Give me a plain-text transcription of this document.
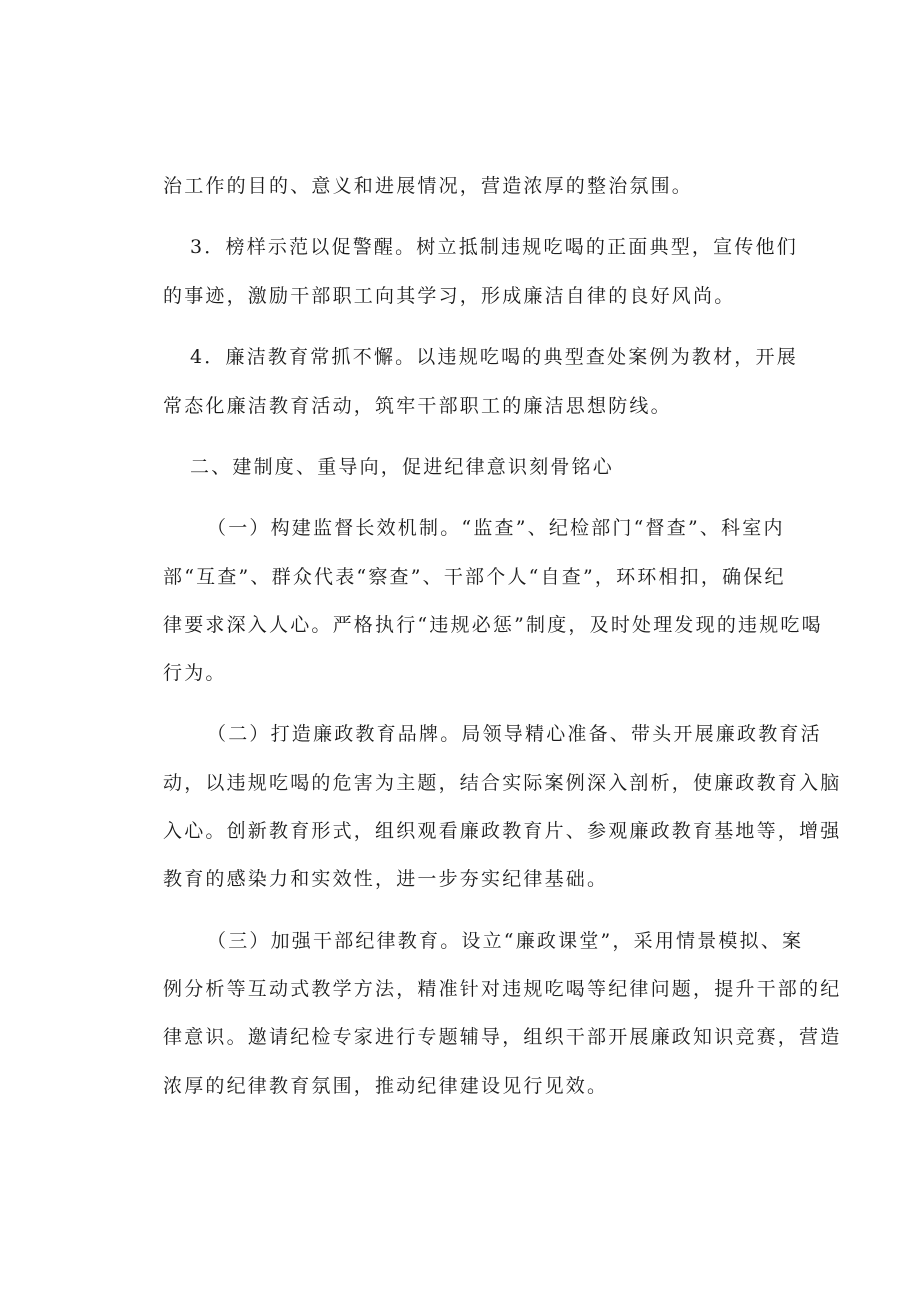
治工作的目的、意义和进展情况，营造浓厚的整治氛围。
3．榜样示范以促警醒。树立抵制违规吃喝的正面典型，宣传他们
的事迹，激励干部职工向其学习，形成廉洁自律的良好风尚。
4．廉洁教育常抓不懈。以违规吃喝的典型查处案例为教材，开展
常态化廉洁教育活动，筑牢干部职工的廉洁思想防线。
二、建制度、重导向，促进纪律意识刻骨铭心
（一）构建监督长效机制。“监查”、纪检部门“督查”、科室内
部“互查”、群众代表“察查”、干部个人“自查”，环环相扣，确保纪
律要求深入人心。严格执行“违规必惩”制度，及时处理发现的违规吃喝
行为。
（二）打造廉政教育品牌。局领导精心准备、带头开展廉政教育活
动，以违规吃喝的危害为主题，结合实际案例深入剖析，使廉政教育入脑
入心。创新教育形式，组织观看廉政教育片、参观廉政教育基地等，增强
教育的感染力和实效性，进一步夯实纪律基础。
（三）加强干部纪律教育。设立“廉政课堂”，采用情景模拟、案
例分析等互动式教学方法，精准针对违规吃喝等纪律问题，提升干部的纪
律意识。邀请纪检专家进行专题辅导，组织干部开展廉政知识竞赛，营造
浓厚的纪律教育氛围，推动纪律建设见行见效。
